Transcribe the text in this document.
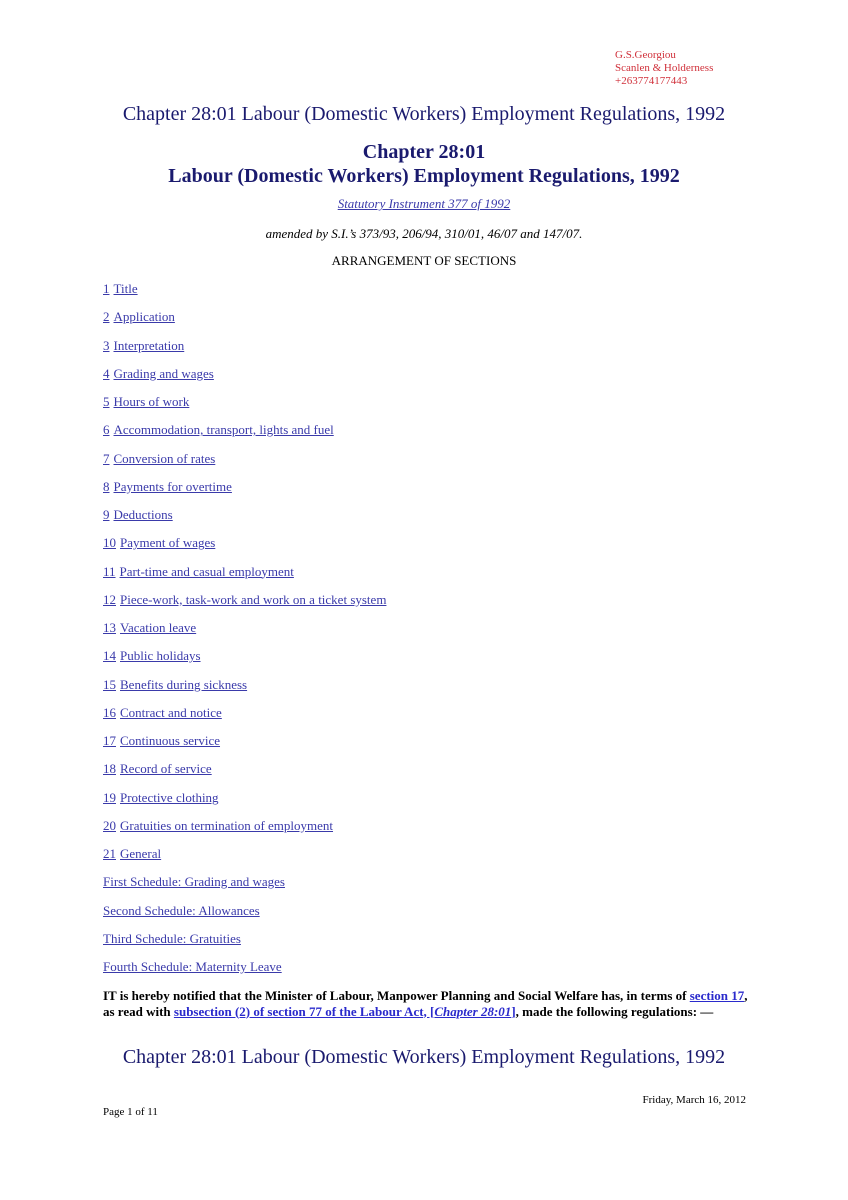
G.S.Georgiou
Scanlen & Holderness
+263774177443
Chapter 28:01 Labour (Domestic Workers) Employment Regulations, 1992
Chapter 28:01
Labour (Domestic Workers) Employment Regulations, 1992
Statutory Instrument 377 of 1992
amended by S.I.’s 373/93, 206/94, 310/01, 46/07 and 147/07.
ARRANGEMENT OF SECTIONS
1 Title
2 Application
3 Interpretation
4 Grading and wages
5 Hours of work
6 Accommodation, transport, lights and fuel
7 Conversion of rates
8 Payments for overtime
9 Deductions
10 Payment of wages
11 Part-time and casual employment
12 Piece-work, task-work and work on a ticket system
13 Vacation leave
14 Public holidays
15 Benefits during sickness
16 Contract and notice
17 Continuous service
18 Record of service
19 Protective clothing
20 Gratuities on termination of employment
21 General
First Schedule: Grading and wages
Second Schedule: Allowances
Third Schedule: Gratuities
Fourth Schedule: Maternity Leave
IT is hereby notified that the Minister of Labour, Manpower Planning and Social Welfare has, in terms of section 17, as read with subsection (2) of section 77 of the Labour Act, [Chapter 28:01], made the following regulations: —
Chapter 28:01 Labour (Domestic Workers) Employment Regulations, 1992
Friday, March 16, 2012
Page 1 of 11
